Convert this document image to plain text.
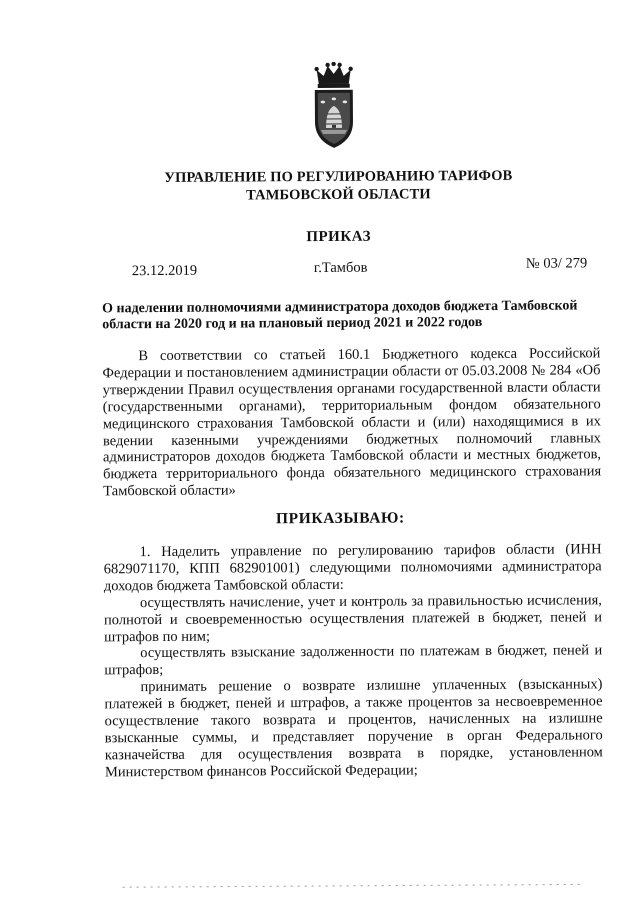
УПРАВЛЕНИЕ ПО РЕГУЛИРОВАНИЮ ТАРИФОВ
ТАМБОВСКОЙ ОБЛАСТИ
ПРИКАЗ
23.12.2019	г.Тамбов	№ 03/ 279
О наделении полномочиями администратора доходов бюджета Тамбовской
области на 2020 год и на плановый период 2021 и 2022 годов

В соответствии со статьей 160.1 Бюджетного кодекса Российской Федерации и постановлением администрации области от 05.03.2008 № 284 «Об утверждении Правил осуществления органами государственной власти области (государственными органами), территориальным фондом обязательного медицинского страхования Тамбовской области и (или) находящимися в их ведении казенными учреждениями бюджетных полномочий главных администраторов доходов бюджета Тамбовской области и местных бюджетов, бюджета территориального фонда обязательного медицинского страхования Тамбовской области»

ПРИКАЗЫВАЮ:

1. Наделить управление по регулированию тарифов области (ИНН 6829071170, КПП 682901001) следующими полномочиями администратора доходов бюджета Тамбовской области:

осуществлять начисление, учет и контроль за правильностью исчисления, полнотой и своевременностью осуществления платежей в бюджет, пеней и штрафов по ним;

осуществлять взыскание задолженности по платежам в бюджет, пеней и штрафов;

принимать решение о возврате излишне уплаченных (взысканных) платежей в бюджет, пеней и штрафов, а также процентов за несвоевременное осуществление такого возврата и процентов, начисленных на излишне взысканные суммы, и представляет поручение в орган Федерального казначейства для осуществления возврата в порядке, установленном Министерством финансов Российской Федерации;
